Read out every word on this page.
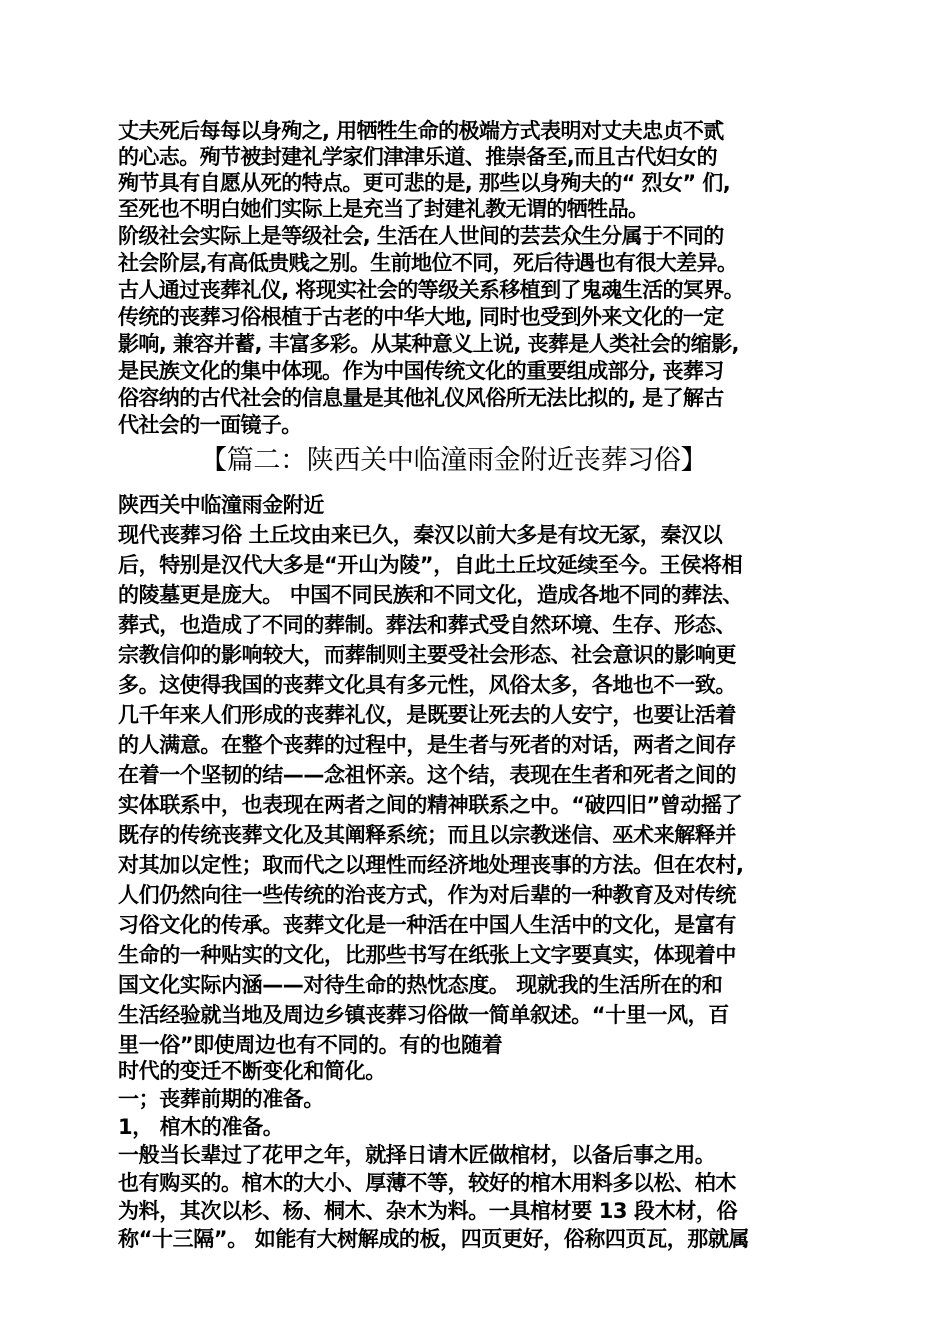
丈夫死后每每以身殉之, 用牺牲生命的极端方式表明对丈夫忠贞不贰
的心志。殉节被封建礼学家们津津乐道、推崇备至,而且古代妇女的
殉节具有自愿从死的特点。更可悲的是, 那些以身殉夫的“ 烈女” 们,
至死也不明白她们实际上是充当了封建礼教无谓的牺牲品。
阶级社会实际上是等级社会, 生活在人世间的芸芸众生分属于不同的
社会阶层,有高低贵贱之别。生前地位不同，死后待遇也有很大差异。
古人通过丧葬礼仪, 将现实社会的等级关系移植到了鬼魂生活的冥界。
传统的丧葬习俗根植于古老的中华大地, 同时也受到外来文化的一定
影响, 兼容并蓄, 丰富多彩。从某种意义上说, 丧葬是人类社会的缩影,
是民族文化的集中体现。作为中国传统文化的重要组成部分, 丧葬习
俗容纳的古代社会的信息量是其他礼仪风俗所无法比拟的, 是了解古
代社会的一面镜子。
【篇二：陕西关中临潼雨金附近丧葬习俗】
陕西关中临潼雨金附近
现代丧葬习俗 土丘坟由来已久，秦汉以前大多是有坟无冢，秦汉以
后，特别是汉代大多是“开山为陵”，自此土丘坟延续至今。王侯将相
的陵墓更是庞大。 中国不同民族和不同文化，造成各地不同的葬法、
葬式，也造成了不同的葬制。葬法和葬式受自然环境、生存、形态、
宗教信仰的影响较大，而葬制则主要受社会形态、社会意识的影响更
多。这使得我国的丧葬文化具有多元性，风俗太多，各地也不一致。
几千年来人们形成的丧葬礼仪，是既要让死去的人安宁，也要让活着
的人满意。在整个丧葬的过程中，是生者与死者的对话，两者之间存
在着一个坚韧的结——念祖怀亲。这个结，表现在生者和死者之间的
实体联系中，也表现在两者之间的精神联系之中。“破四旧”曾动摇了
既存的传统丧葬文化及其阐释系统；而且以宗教迷信、巫术来解释并
对其加以定性；取而代之以理性而经济地处理丧事的方法。但在农村,
人们仍然向往一些传统的治丧方式，作为对后辈的一种教育及对传统
习俗文化的传承。丧葬文化是一种活在中国人生活中的文化，是富有
生命的一种贴实的文化，比那些书写在纸张上文字要真实，体现着中
国文化实际内涵——对待生命的热忱态度。 现就我的生活所在的和
生活经验就当地及周边乡镇丧葬习俗做一简单叙述。“十里一风，百
里一俗”即使周边也有不同的。有的也随着
时代的变迁不断变化和简化。
一；丧葬前期的准备。
1， 棺木的准备。
一般当长辈过了花甲之年，就择日请木匠做棺材，以备后事之用。
也有购买的。棺木的大小、厚薄不等，较好的棺木用料多以松、柏木
为料，其次以杉、杨、桐木、杂木为料。一具棺材要 13 段木材，俗
称“十三隔”。 如能有大树解成的板，四页更好，俗称四页瓦，那就属
